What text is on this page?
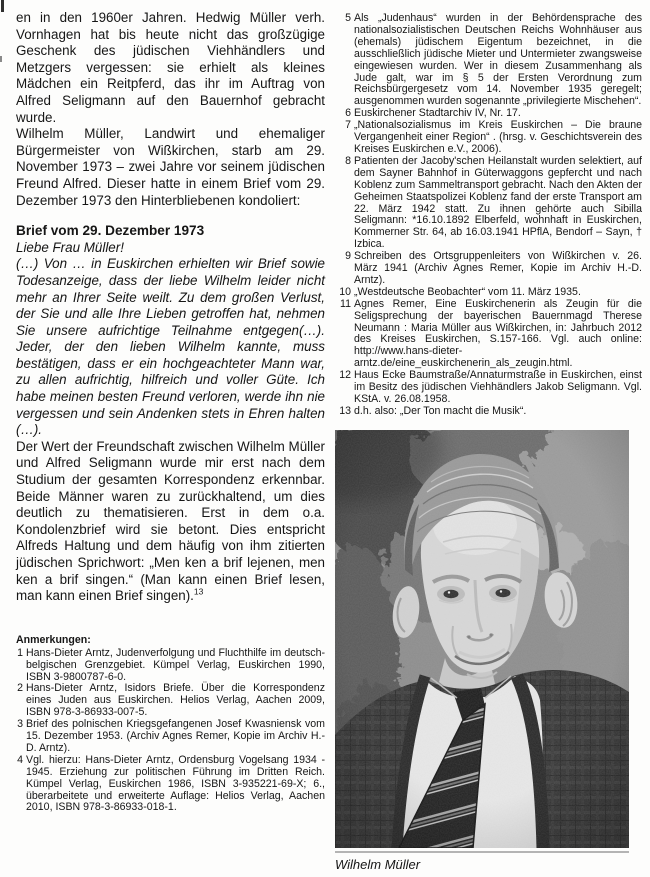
en in den 1960er Jahren. Hedwig Müller verh. Vornhagen hat bis heute nicht das großzügige Geschenk des jüdischen Viehhändlers und Metzgers vergessen: sie erhielt als kleines Mädchen ein Reitpferd, das ihr im Auftrag von Alfred Seligmann auf den Bauernhof gebracht wurde.

Wilhelm Müller, Landwirt und ehemaliger Bürgermeister von Wißkirchen, starb am 29. November 1973 – zwei Jahre vor seinem jüdischen Freund Alfred. Dieser hatte in einem Brief vom 29. Dezember 1973 den Hinterbliebenen kondoliert:

Brief vom 29. Dezember 1973

Liebe Frau Müller!

(…) Von … in Euskirchen erhielten wir Brief sowie Todesanzeige, dass der liebe Wilhelm leider nicht mehr an Ihrer Seite weilt. Zu dem großen Verlust, der Sie und alle Ihre Lieben getroffen hat, nehmen Sie unsere aufrichtige Teilnahme entgegen(…). Jeder, der den lieben Wilhelm kannte, muss bestätigen, dass er ein hochgeachteter Mann war, zu allen aufrichtig, hilfreich und voller Güte. Ich habe meinen besten Freund verloren, werde ihn nie vergessen und sein Andenken stets in Ehren halten (…).

Der Wert der Freundschaft zwischen Wilhelm Müller und Alfred Seligmann wurde mir erst nach dem Studium der gesamten Korrespondenz erkennbar. Beide Männer waren zu zurückhaltend, um dies deutlich zu thematisieren. Erst in dem o.a. Kondolenzbrief wird sie betont. Dies entspricht Alfreds Haltung und dem häufig von ihm zitierten jüdischen Sprichwort: „Men ken a brif lejenen, men ken a brif singen.“ (Man kann einen Brief lesen, man kann einen Brief singen).$^{13}$

Anmerkungen:

1 Hans-Dieter Arntz, Judenverfolgung und Fluchthilfe im deutsch-belgischen Grenzgebiet. Kümpel Verlag, Euskirchen 1990, ISBN 3-9800787-6-0.

2 Hans-Dieter Arntz, Isidors Briefe. Über die Korrespondenz eines Juden aus Euskirchen. Helios Verlag, Aachen 2009, ISBN 978-3-86933-007-5.

3 Brief des polnischen Kriegsgefangenen Josef Kwasniensk vom 15. Dezember 1953. (Archiv Agnes Remer, Kopie im Archiv H.-D. Arntz).

4 Vgl. hierzu: Hans-Dieter Arntz, Ordensburg Vogelsang 1934 - 1945. Erziehung zur politischen Führung im Dritten Reich. Kümpel Verlag, Euskirchen 1986, ISBN 3-935221-69-X; 6., überarbeitete und erweiterte Auflage: Helios Verlag, Aachen 2010, ISBN 978-3-86933-018-1.

5 Als „Judenhaus“ wurden in der Behördensprache des nationalsozialistischen Deutschen Reichs Wohnhäuser aus (ehemals) jüdischem Eigentum bezeichnet, in die ausschließlich jüdische Mieter und Untermieter zwangsweise eingewiesen wurden. Wer in diesem Zusammenhang als Jude galt, war im § 5 der Ersten Verordnung zum Reichsbürgergesetz vom 14. November 1935 geregelt; ausgenommen wurden sogenannte „privilegierte Mischehen“.

6 Euskirchener Stadtarchiv IV, Nr. 17.

7 „Nationalsozialismus im Kreis Euskirchen – Die braune Vergangenheit einer Region“ . (hrsg. v. Geschichtsverein des Kreises Euskirchen e.V., 2006).

8 Patienten der Jacoby'schen Heilanstalt wurden selektiert, auf dem Sayner Bahnhof in Güterwaggons gepfercht und nach Koblenz zum Sammeltransport gebracht. Nach den Akten der Geheimen Staatspolizei Koblenz fand der erste Transport am 22. März 1942 statt. Zu ihnen gehörte auch Sibilla Seligmann: *16.10.1892 Elberfeld, wohnhaft in Euskirchen, Kommerner Str. 64, ab 16.03.1941 HPflA, Bendorf – Sayn, † Izbica.

9 Schreiben des Ortsgruppenleiters von Wißkirchen v. 26. März 1941 (Archiv Agnes Remer, Kopie im Archiv H.-D. Arntz).

10 „Westdeutsche Beobachter“ vom 11. März 1935.

11 Agnes Remer, Eine Euskirchenerin als Zeugin für die Seligsprechung der bayerischen Bauernmagd Therese Neumann : Maria Müller aus Wißkirchen, in: Jahrbuch 2012 des Kreises Euskirchen, S.157-166. Vgl. auch online: http://www.hans-dieter-arntz.de/eine_euskirchenerin_als_zeugin.html.

12 Haus Ecke Baumstraße/Annaturmstraße in Euskirchen, einst im Besitz des jüdischen Viehhändlers Jakob Seligmann. Vgl. KStA. v. 26.08.1958.

13 d.h. also: „Der Ton macht die Musik“.

Wilhelm Müller
